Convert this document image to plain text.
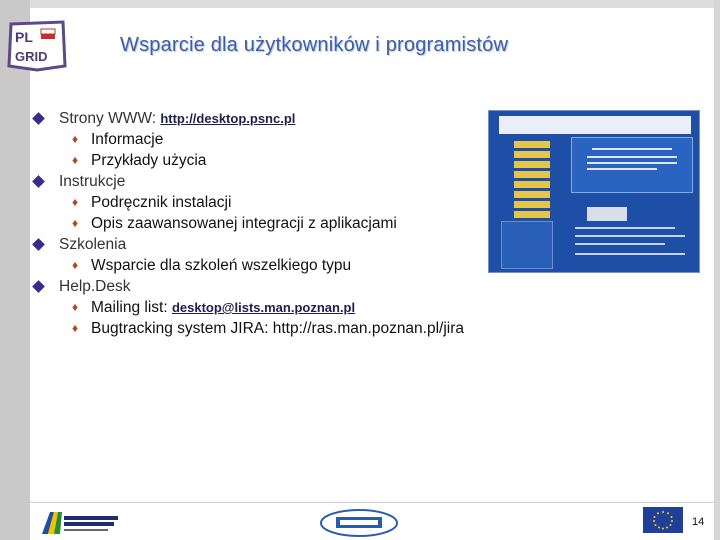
PL
GRID
Wsparcie dla użytkowników i programistów
Strony WWW: http://desktop.psnc.pl
♦ Informacje
♦ Przykłady użycia
Instrukcje
♦ Podręcznik instalacji
♦ Opis zaawansowanej integracji z aplikacjami
Szkolenia
♦ Wsparcie dla szkoleń wszelkiego typu
Help.Desk
♦ Mailing list: desktop@lists.man.poznan.pl
♦ Bugtracking system JIRA: http://ras.man.poznan.pl/jira
14
